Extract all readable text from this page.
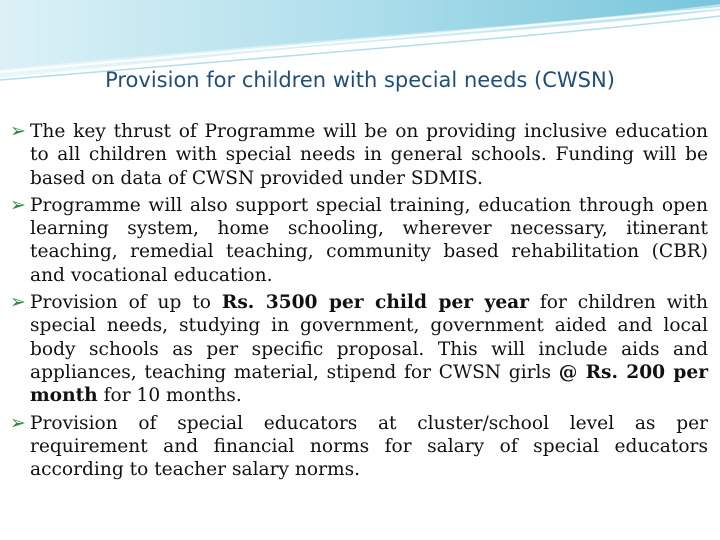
Provision for children with special needs (CWSN)
➢ The key thrust of Programme will be on providing inclusive education to all children with special needs in general schools. Funding will be based on data of CWSN provided under SDMIS.
➢ Programme will also support special training, education through open learning system, home schooling, wherever necessary, itinerant teaching, remedial teaching, community based rehabilitation (CBR) and vocational education.
➢ Provision of up to Rs. 3500 per child per year for children with special needs, studying in government, government aided and local body schools as per specific proposal. This will include aids and appliances, teaching material, stipend for CWSN girls @ Rs. 200 per month for 10 months.
➢ Provision of special educators at cluster/school level as per requirement and financial norms for salary of special educators according to teacher salary norms.
